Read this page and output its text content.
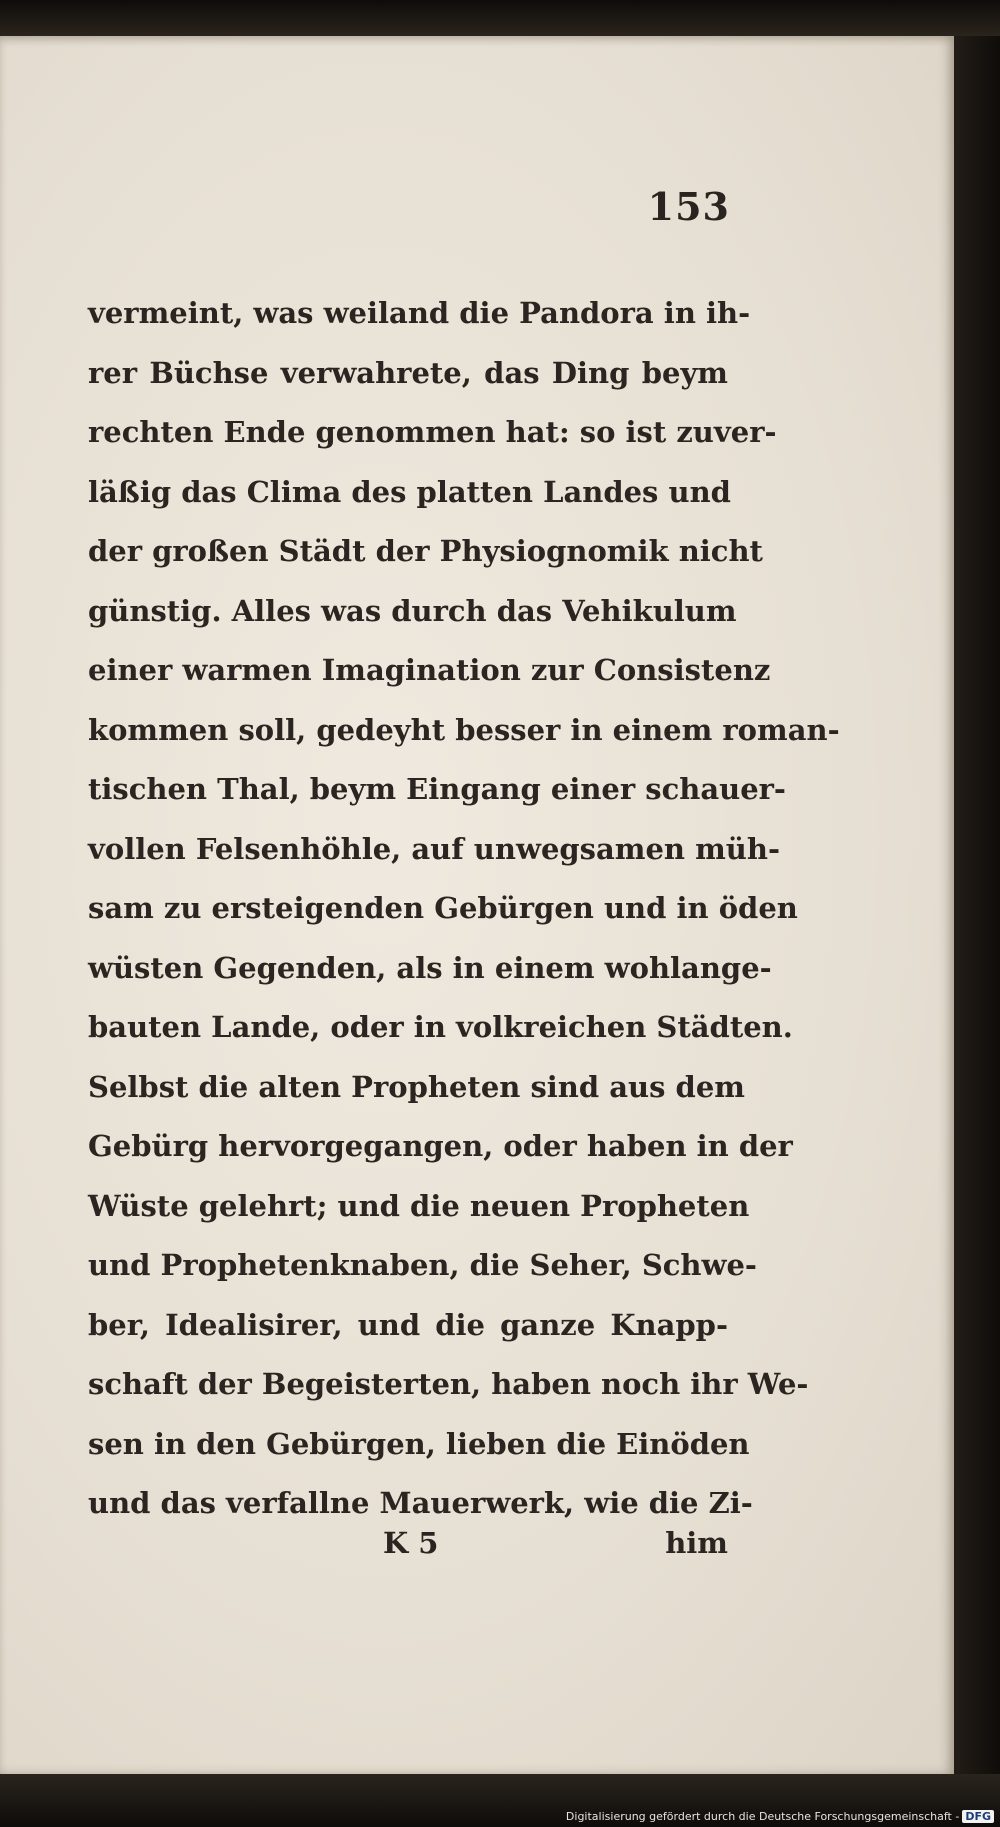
153
vermeint, was weiland die Pandora in ih-
rer Büchse verwahrete, das Ding beym
rechten Ende genommen hat: so ist zuver-
läßig das Clima des platten Landes und
der großen Städt der Physiognomik nicht
günstig. Alles was durch das Vehikulum
einer warmen Imagination zur Consistenz
kommen soll, gedeyht besser in einem roman-
tischen Thal, beym Eingang einer schauer-
vollen Felsenhöhle, auf unwegsamen müh-
sam zu ersteigenden Gebürgen und in öden
wüsten Gegenden, als in einem wohlange-
bauten Lande, oder in volkreichen Städten.
Selbst die alten Propheten sind aus dem
Gebürg hervorgegangen, oder haben in der
Wüste gelehrt; und die neuen Propheten
und Prophetenknaben, die Seher, Schwe-
ber, Idealisirer, und die ganze Knapp-
schaft der Begeisterten, haben noch ihr We-
sen in den Gebürgen, lieben die Einöden
und das verfallne Mauerwerk, wie die Zi-
K 5	him
Digitalisierung gefördert durch die Deutsche Forschungsgemeinschaft - DFG
